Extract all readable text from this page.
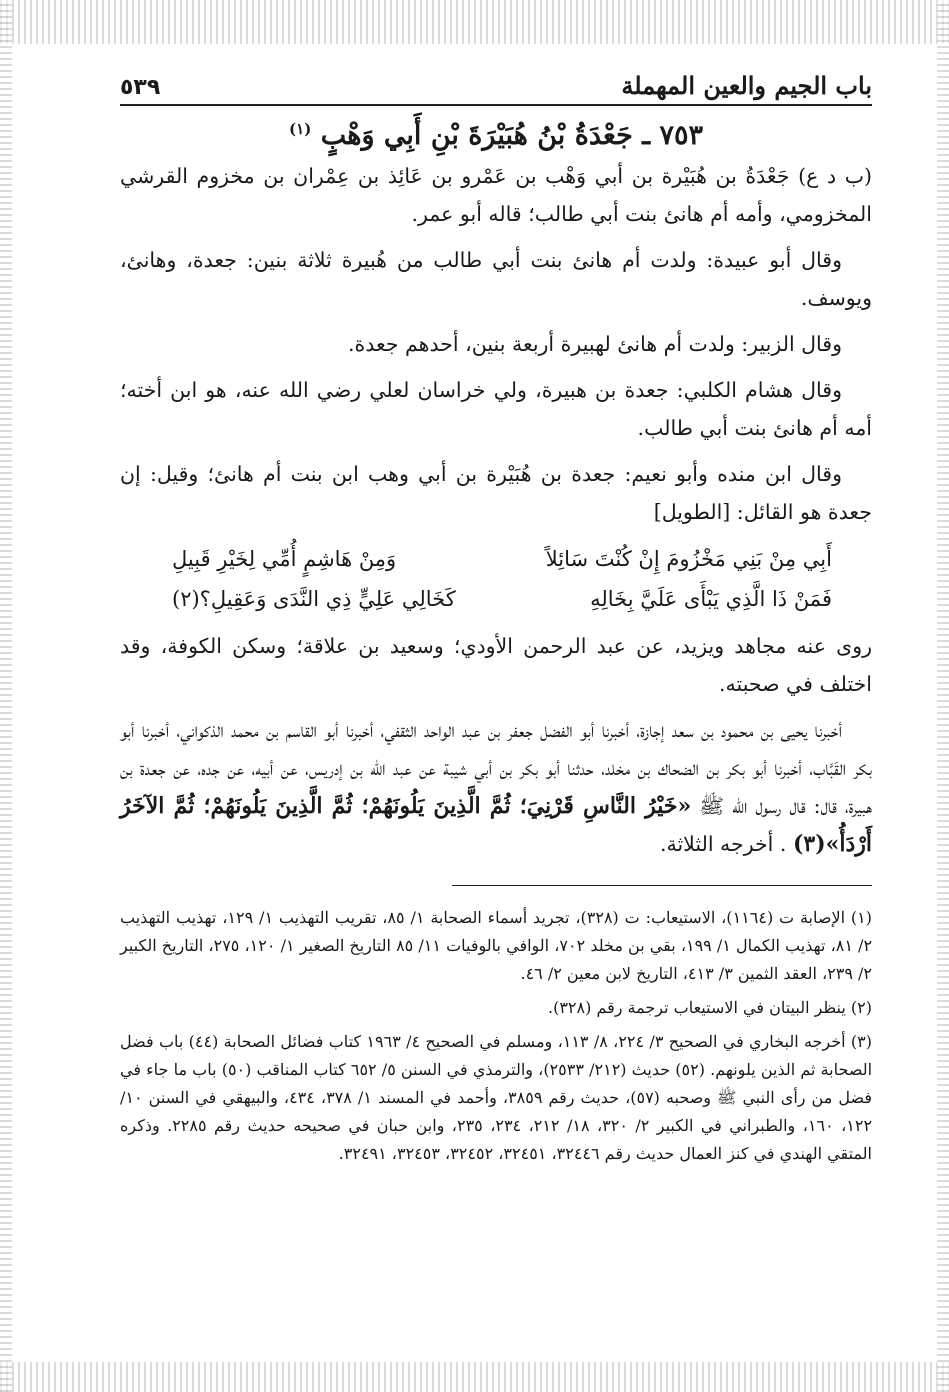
باب الجيم والعين المهملة
٥٣٩
٧٥٣ ـ جَعْدَةُ بْنُ هُبَيْرَةَ بْنِ أَبِي وَهْبٍ $^{(١)}$

(ب د ع) جَعْدَةُ بن هُبَيْرة بن أبي وَهْب بن عَمْرو بن عَائِذ بن عِمْران بن مخزوم القرشي المخزومي، وأمه أم هانئ بنت أبي طالب؛ قاله أبو عمر.

وقال أبو عبيدة: ولدت أم هانئ بنت أبي طالب من هُبيرة ثلاثة بنين: جعدة، وهانئ، ويوسف.

وقال الزبير: ولدت أم هانئ لهبيرة أربعة بنين، أحدهم جعدة.

وقال هشام الكلبي: جعدة بن هبيرة، ولي خراسان لعلي رضي الله عنه، هو ابن أخته؛ أمه أم هانئ بنت أبي طالب.

وقال ابن منده وأبو نعيم: جعدة بن هُبَيْرة بن أبي وهب ابن بنت أم هانئ؛ وقيل: إن جعدة هو القائل: [الطويل]

أَبِي مِنْ بَنِي مَخْزُومَ إِنْ كُنْتَ سَائِلاً
وَمِنْ هَاشِمٍ أُمِّي لِخَيْرِ قَبِيلِ
فَمَنْ ذَا الَّذِي يَبْأَى عَلَيَّ بِخَالِهِ
كَخَالِي عَلِيٍّ ذِي النَّدَى وَعَقِيلِ؟(٢)

روى عنه مجاهد ويزيد، عن عبد الرحمن الأودي؛ وسعيد بن علاقة؛ وسكن الكوفة، وقد اختلف في صحبته.

أخبرنا يحيى بن محمود بن سعد إجازة، أخبرنا أبو الفضل جعفر بن عبد الواحد الثقفي، أخبرنا أبو القاسم بن محمد الذكواني، أخبرنا أبو بكر القَبَّاب، أخبرنا أبو بكر بن الضحاك بن مخلد، حدثنا أبو بكر بن أبي شيبة عن عبد الله بن إدريس، عن أبيه، عن جده، عن جعدة بن هبيرة، قال: قال رسول الله ﷺ «خَيْرُ النَّاسِ قَرْنِيَ؛ ثُمَّ الَّذِينَ يَلُونَهُمْ؛ ثُمَّ الَّذِينَ يَلُونَهُمْ؛ ثُمَّ الآخَرُ أَرْدَأُ»(٣) . أخرجه الثلاثة.

(١) الإصابة ت (١١٦٤)، الاستيعاب: ت (٣٢٨)، تجريد أسماء الصحابة ١/ ٨٥، تقريب التهذيب ١/ ١٢٩، تهذيب التهذيب ٢/ ٨١، تهذيب الكمال ١/ ١٩٩، بقي بن مخلد ٧٠٢، الوافي بالوفيات ١١/ ٨٥ التاريخ الصغير ١/ ١٢٠، ٢٧٥، التاريخ الكبير ٢/ ٢٣٩، العقد الثمين ٣/ ٤١٣، التاريخ لابن معين ٢/ ٤٦.

(٢) ينظر البيتان في الاستيعاب ترجمة رقم (٣٢٨).

(٣) أخرجه البخاري في الصحيح ٣/ ٢٢٤، ٨/ ١١٣، ومسلم في الصحيح ٤/ ١٩٦٣ كتاب فضائل الصحابة (٤٤) باب فضل الصحابة ثم الذين يلونهم. (٥٢) حديث (٢١٢/ ٢٥٣٣)، والترمذي في السنن ٥/ ٦٥٢ كتاب المناقب (٥٠) باب ما جاء في فضل من رأى النبي ﷺ وصحبه (٥٧)، حديث رقم ٣٨٥٩، وأحمد في المسند ١/ ٣٧٨، ٤٣٤، والبيهقي في السنن ١٠/ ١٢٢، ١٦٠، والطبراني في الكبير ٢/ ٣٢٠، ١٨/ ٢١٢، ٢٣٤، ٢٣٥، وابن حبان في صحيحه حديث رقم ٢٢٨٥. وذكره المتقي الهندي في كنز العمال حديث رقم ٣٢٤٤٦، ٣٢٤٥١، ٣٢٤٥٢، ٣٢٤٥٣، ٣٢٤٩١.
